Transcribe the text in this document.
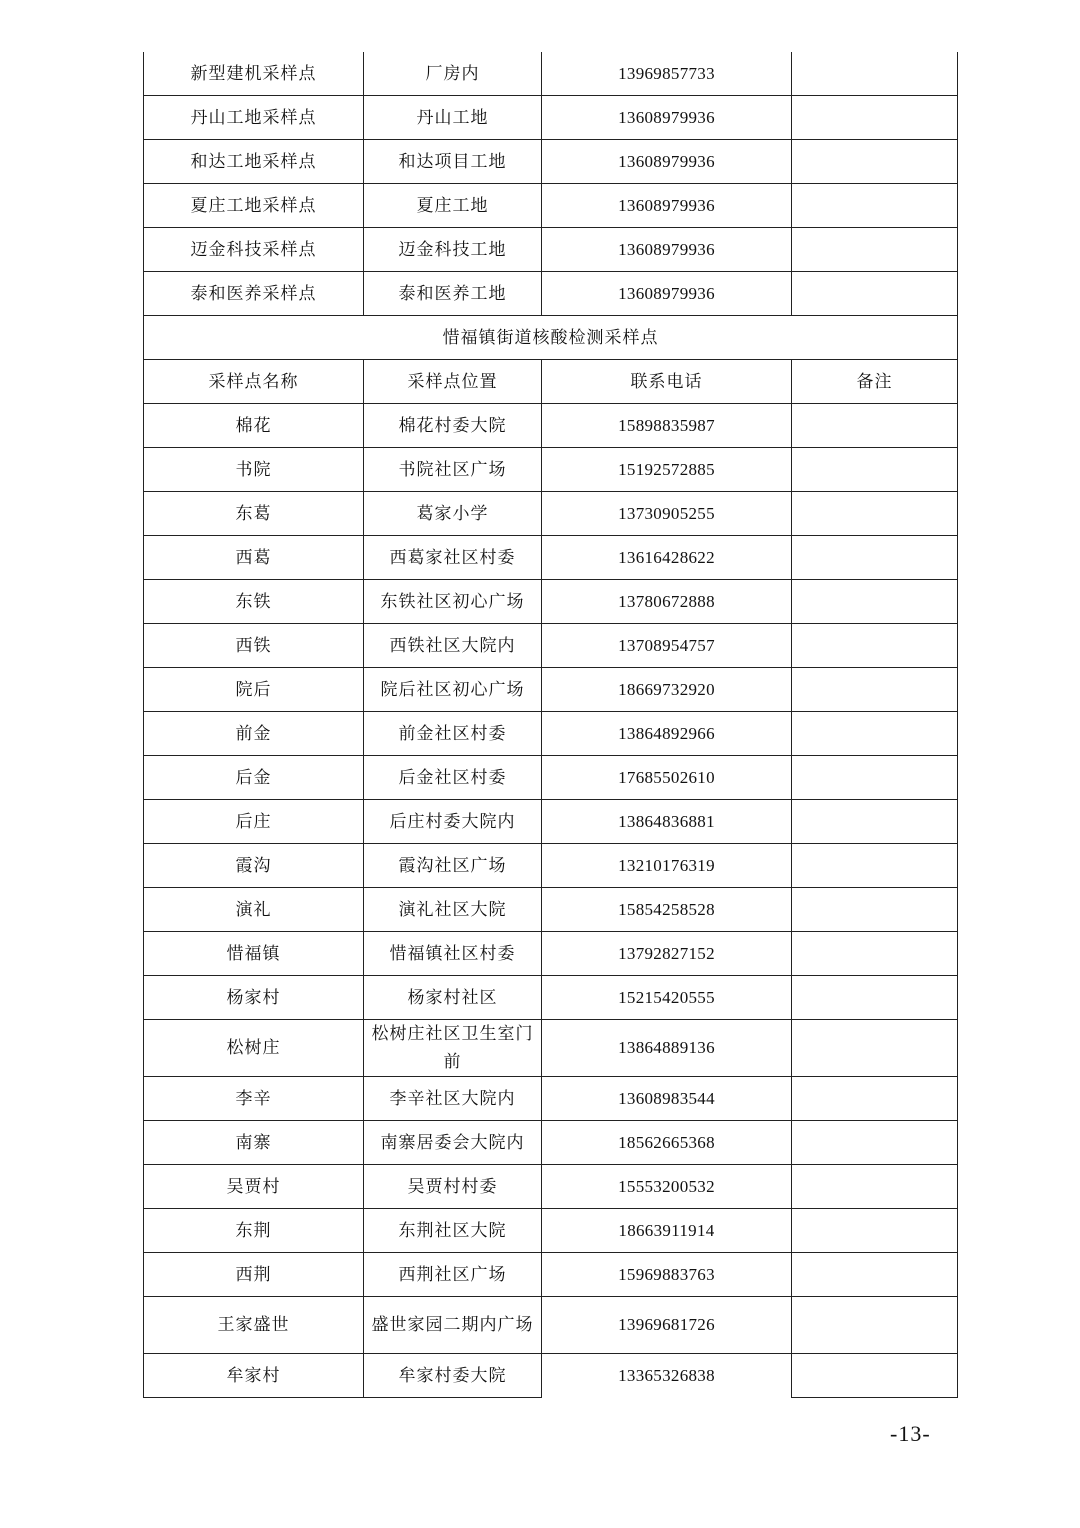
新型建机采样点	厂房内	13969857733	
丹山工地采样点	丹山工地	13608979936	
和达工地采样点	和达项目工地	13608979936	
夏庄工地采样点	夏庄工地	13608979936	
迈金科技采样点	迈金科技工地	13608979936	
泰和医养采样点	泰和医养工地	13608979936	
惜福镇街道核酸检测采样点			
采样点名称	采样点位置	联系电话	备注
棉花	棉花村委大院	15898835987	
书院	书院社区广场	15192572885	
东葛	葛家小学	13730905255	
西葛	西葛家社区村委	13616428622	
东铁	东铁社区初心广场	13780672888	
西铁	西铁社区大院内	13708954757	
院后	院后社区初心广场	18669732920	
前金	前金社区村委	13864892966	
后金	后金社区村委	17685502610	
后庄	后庄村委大院内	13864836881	
霞沟	霞沟社区广场	13210176319	
演礼	演礼社区大院	15854258528	
惜福镇	惜福镇社区村委	13792827152	
杨家村	杨家村社区	15215420555	
松树庄	松树庄社区卫生室门前	13864889136	
李辛	李辛社区大院内	13608983544	
南寨	南寨居委会大院内	18562665368	
吴贾村	吴贾村村委	15553200532	
东荆	东荆社区大院	18663911914	
西荆	西荆社区广场	15969883763	
王家盛世	盛世家园二期内广场	13969681726	
牟家村	牟家村委大院	13365326838	
-13-
